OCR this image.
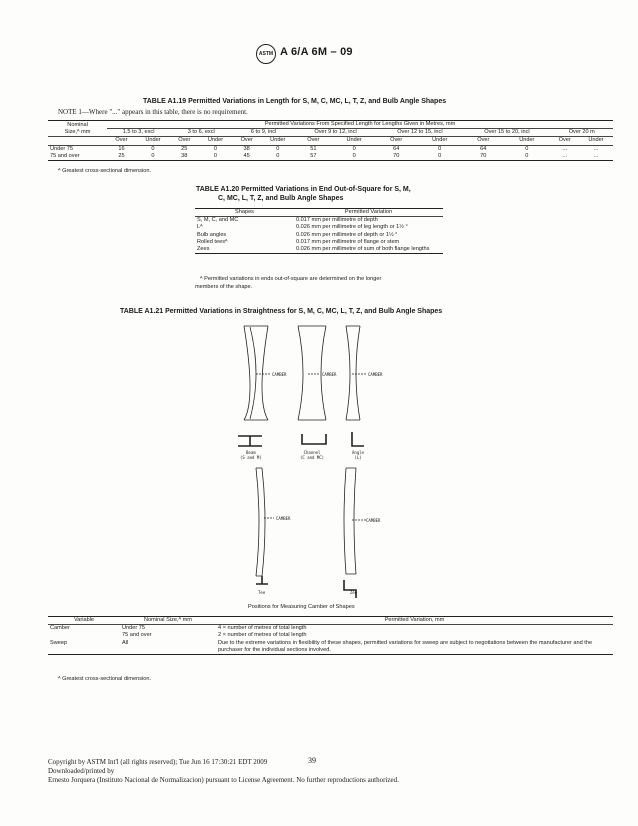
ASTM A 6/A 6M – 09
TABLE A1.19 Permitted Variations in Length for S, M, C, MC, L, T, Z, and Bulb Angle Shapes
NOTE 1—Where "..." appears in this table, there is no requirement.
Nominal
Size,ᴬ mm	Permitted Variations From Specified Length for Lengths Given in Metres, mm													
	1.5 to 3, excl		3 to 6, excl		6 to 9, incl		Over 9 to 12, incl		Over 12 to 15, incl		Over 15 to 20, incl		Over 20 m	
	Over	Under	Over	Under	Over	Under	Over	Under	Over	Under	Over	Under	Over	Under
Under 75	16	0	25	0	38	0	51	0	64	0	64	0	...	...
75 and over	25	0	38	0	45	0	57	0	70	0	70	0	...	...
ᴬ Greatest cross-sectional dimension.
TABLE A1.20 Permitted Variations in End Out-of-Square for S, M,
C, MC, L, T, Z, and Bulb Angle Shapes
Shapes	Permitted Variation
S, M, C, and MC	0.017 mm per millimetre of depth
Lᴬ	0.026 mm per millimetre of leg length or 1½ °
Bulb angles	0.026 mm per millimetre of depth or 1½ °
Rolled teesᴬ	0.017 mm per millimetre of flange or stem
Zees	0.026 mm per millimetre of sum of both flange lengths
ᴬ Permitted variations in ends out-of-square are determined on the longer
members of the shape.
TABLE A1.21 Permitted Variations in Straightness for S, M, C, MC, L, T, Z, and Bulb Angle Shapes
CAMBER	CAMBER	CAMBER
CAMBER	CAMBER
Beam
(S and M)
Channel
(C and MC)
Angle
(L)
Tee	Zee
Positions for Measuring Camber of Shapes
Variable	Nominal Size,ᴬ mm	Permitted Variation, mm
Camber	Under 75	4 × number of metres of total length
	75 and over	2 × number of metres of total length
Sweep	All	Due to the extreme variations in flexibility of these shapes, permitted variations for sweep are subject to negotiations between the manufacturer and the purchaser for the individual sections involved.
ᴬ Greatest cross-sectional dimension.
39
Copyright by ASTM Int'l (all rights reserved); Tue Jun 16 17:30:21 EDT 2009
Downloaded/printed by
Ernesto Jorquera (Instituto Nacional de Normalizacion) pursuant to License Agreement. No further reproductions authorized.
